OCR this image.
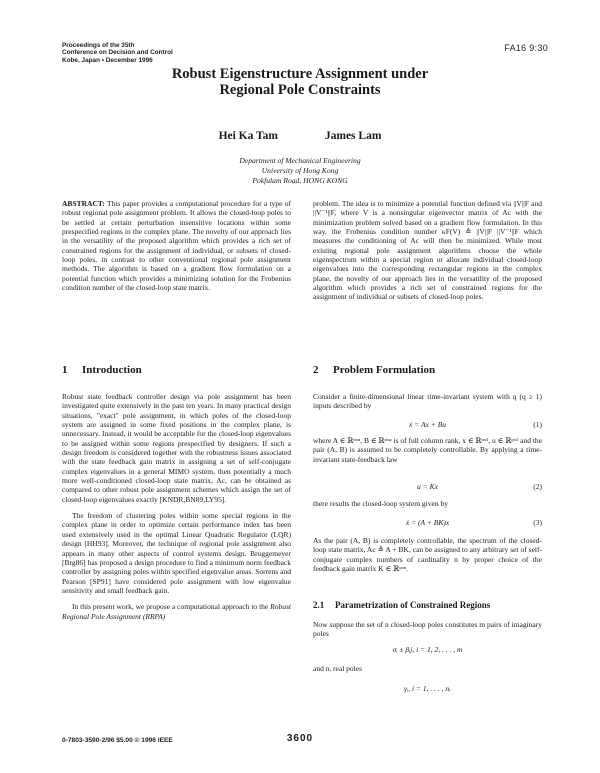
Proceedings of the 35th
Conference on Decision and Control
Kobe, Japan • December 1996
FA16 9:30
Robust Eigenstructure Assignment under
Regional Pole Constraints
Hei Ka Tam	James Lam
Department of Mechanical Engineering
University of Hong Kong
Pokfulam Road, HONG KONG

ABSTRACT: This paper provides a computational procedure for a type of robust regional pole assignment problem. It allows the closed-loop poles to be settled at certain perturbation insensitive locations within some prespecified regions in the complex plane. The novelty of our approach lies in the versatility of the proposed algorithm which provides a rich set of constrained regions for the assignment of individual, or subsets of closed-loop poles, in contrast to other conventional regional pole assignment methods. The algorithm is based on a gradient flow formulation on a potential function which provides a minimizing solution for the Frobenius condition number of the closed-loop state matrix.

problem. The idea is to minimize a potential function defined via ||V||F and ||V⁻¹||F, where V is a nonsingular eigenvector matrix of Ac with the minimization problem solved based on a gradient flow formulation. In this way, the Frobenius condition number κF(V) ≜ ||V||F ||V⁻¹||F which measures the conditioning of Ac will then be minimized. While most existing regional pole assignment algorithms choose the whole eigenspectrum within a special region or allocate individual closed-loop eigenvalues into the corresponding rectangular regions in the complex plane, the novelty of our approach lies in the versatility of the proposed algorithm which provides a rich set of constrained regions for the assignment of individual or subsets of closed-loop poles.

1 Introduction

Robust state feedback controller design via pole assignment has been investigated quite extensively in the past ten years. In many practical design situations, "exact" pole assignment, in which poles of the closed-loop system are assigned in some fixed positions in the complex plane, is unnecessary. Instead, it would be acceptable for the closed-loop eigenvalues to be assigned within some regions prespecified by designers. If such a design freedom is considered together with the robustness issues associated with the state feedback gain matrix in assigning a set of self-conjugate complex eigenvalues in a general MIMO system, then potentially a much more well-conditioned closed-loop state matrix, Ac, can be obtained as compared to other robust pole assignment schemes which assign the set of closed-loop eigenvalues exactly [KNDR,BN89,LY95].

The freedom of clustering poles within some special regions in the complex plane in order to optimize certain performance index has been used extensively used in the optimal Linear Quadratic Regulator (LQR) design [HH93]. Moreover, the technique of regional pole assignment also appears in many other aspects of control systems design. Bruggemeyer [Brg86] has proposed a design procedure to find a minimum norm feedback controller by assigning poles within specified eigenvalue areas. Sorrens and Pearson [SP91] have considered pole assignment with low eigenvalue sensitivity and small feedback gain.

In this present work, we propose a computational approach to the Robust Regional Pole Assignment (RRPA)

2 Problem Formulation

Consider a finite-dimensional linear time-invariant system with q (q ≥ 1) inputs described by

ẋ = Ax + Bu	(1)

where A ∈ ℝⁿˣⁿ, B ∈ ℝⁿˣᵠ is of full column rank, x ∈ ℝⁿˣ¹, u ∈ ℝᵠˣ¹ and the pair (A, B) is assumed to be completely controllable. By applying a time-invariant state-feedback law

u = Kx	(2)

there results the closed-loop system given by

ẋ = (A + BK)x	(3)

As the pair (A, B) is completely controllable, the spectrum of the closed-loop state matrix, Ac ≜ A + BK, can be assigned to any arbitrary set of self-conjugate complex numbers of cardinality n by proper choice of the feedback gain matrix K ∈ ℝᵠˣⁿ.

2.1 Parametrization of Constrained Regions

Now suppose the set of n closed-loop poles constitutes m pairs of imaginary poles

σᵢ ± βᵢj, i = 1, 2, . . . , m

and nᵣ real poles

γᵢ, i = 1, . . . , nᵣ
0-7803-3590-2/96 $5.00 © 1996 IEEE	3600
